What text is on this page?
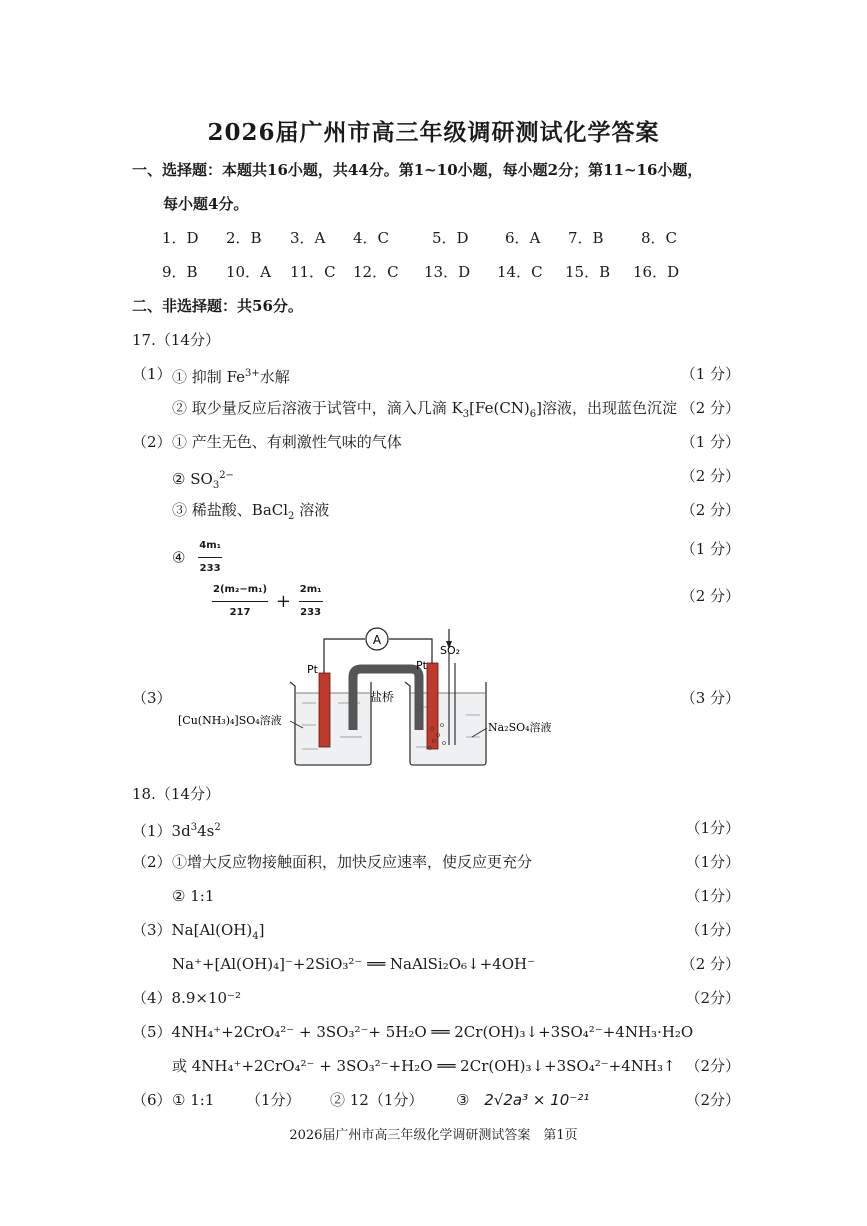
2026届广州市高三年级调研测试化学答案
一、选择题：本题共16小题，共44分。第1~10小题，每小题2分；第11~16小题，
每小题4分。
1．D 2．B 3．A 4．C	5．D 6．A 7．B 8．C
9．B 10．A 11．C 12．C 13．D 14．C 15．B 16．D
二、非选择题：共56分。
17.（14分）
（1） ① 抑制 $Fe^{3+}$水解	（1 分）
② 取少量反应后溶液于试管中，滴入几滴 $K_3[Fe(CN)_6]$溶液，出现蓝色沉淀 （2 分）
（2） ① 产生无色、有刺激性气味的气体	（1 分）
② $SO_3^{2-}$	（2 分）
③ 稀盐酸、BaCl$_2$ 溶液	（2 分）
④ $\frac{\text{4m₁}}{233}$	（1 分）
$\frac{\text{2(m₂−m₁)}}{217} + \frac{\text{2m₁}}{233}$	（2 分）
（3）	（3 分）
A
Pt	Pt
SO₂
盐桥
[Cu(NH₃)₄]SO₄溶液
Na₂SO₄溶液
18.（14分）
$(1)3d^34s^2$	（1分）
（2） ①增大反应物接触面积，加快反应速率，使反应更充分	（1分）
② 1:1	（1分）
$(3)Na[Al(OH)_4]$	（1分）
Na⁺+[Al(OH)₄]⁻+2SiO₃²⁻ ══ NaAlSi₂O₆↓+4OH⁻	（2 分）
（4）8.9×10⁻²	（2分）
（5）4NH₄⁺+2CrO₄²⁻ + 3SO₃²⁻+ 5H₂O ══ 2Cr(OH)₃↓+3SO₄²⁻+4NH₃·H₂O
或 4NH₄⁺+2CrO₄²⁻ + 3SO₃²⁻+H₂O ══ 2Cr(OH)₃↓+3SO₄²⁻+4NH₃↑ （2分）
（6） ① 1:1 （1分） ② 12（1分） ③ 2√2a³ × 10⁻²¹	（2分）
2026届广州市高三年级化学调研测试答案　第1页
